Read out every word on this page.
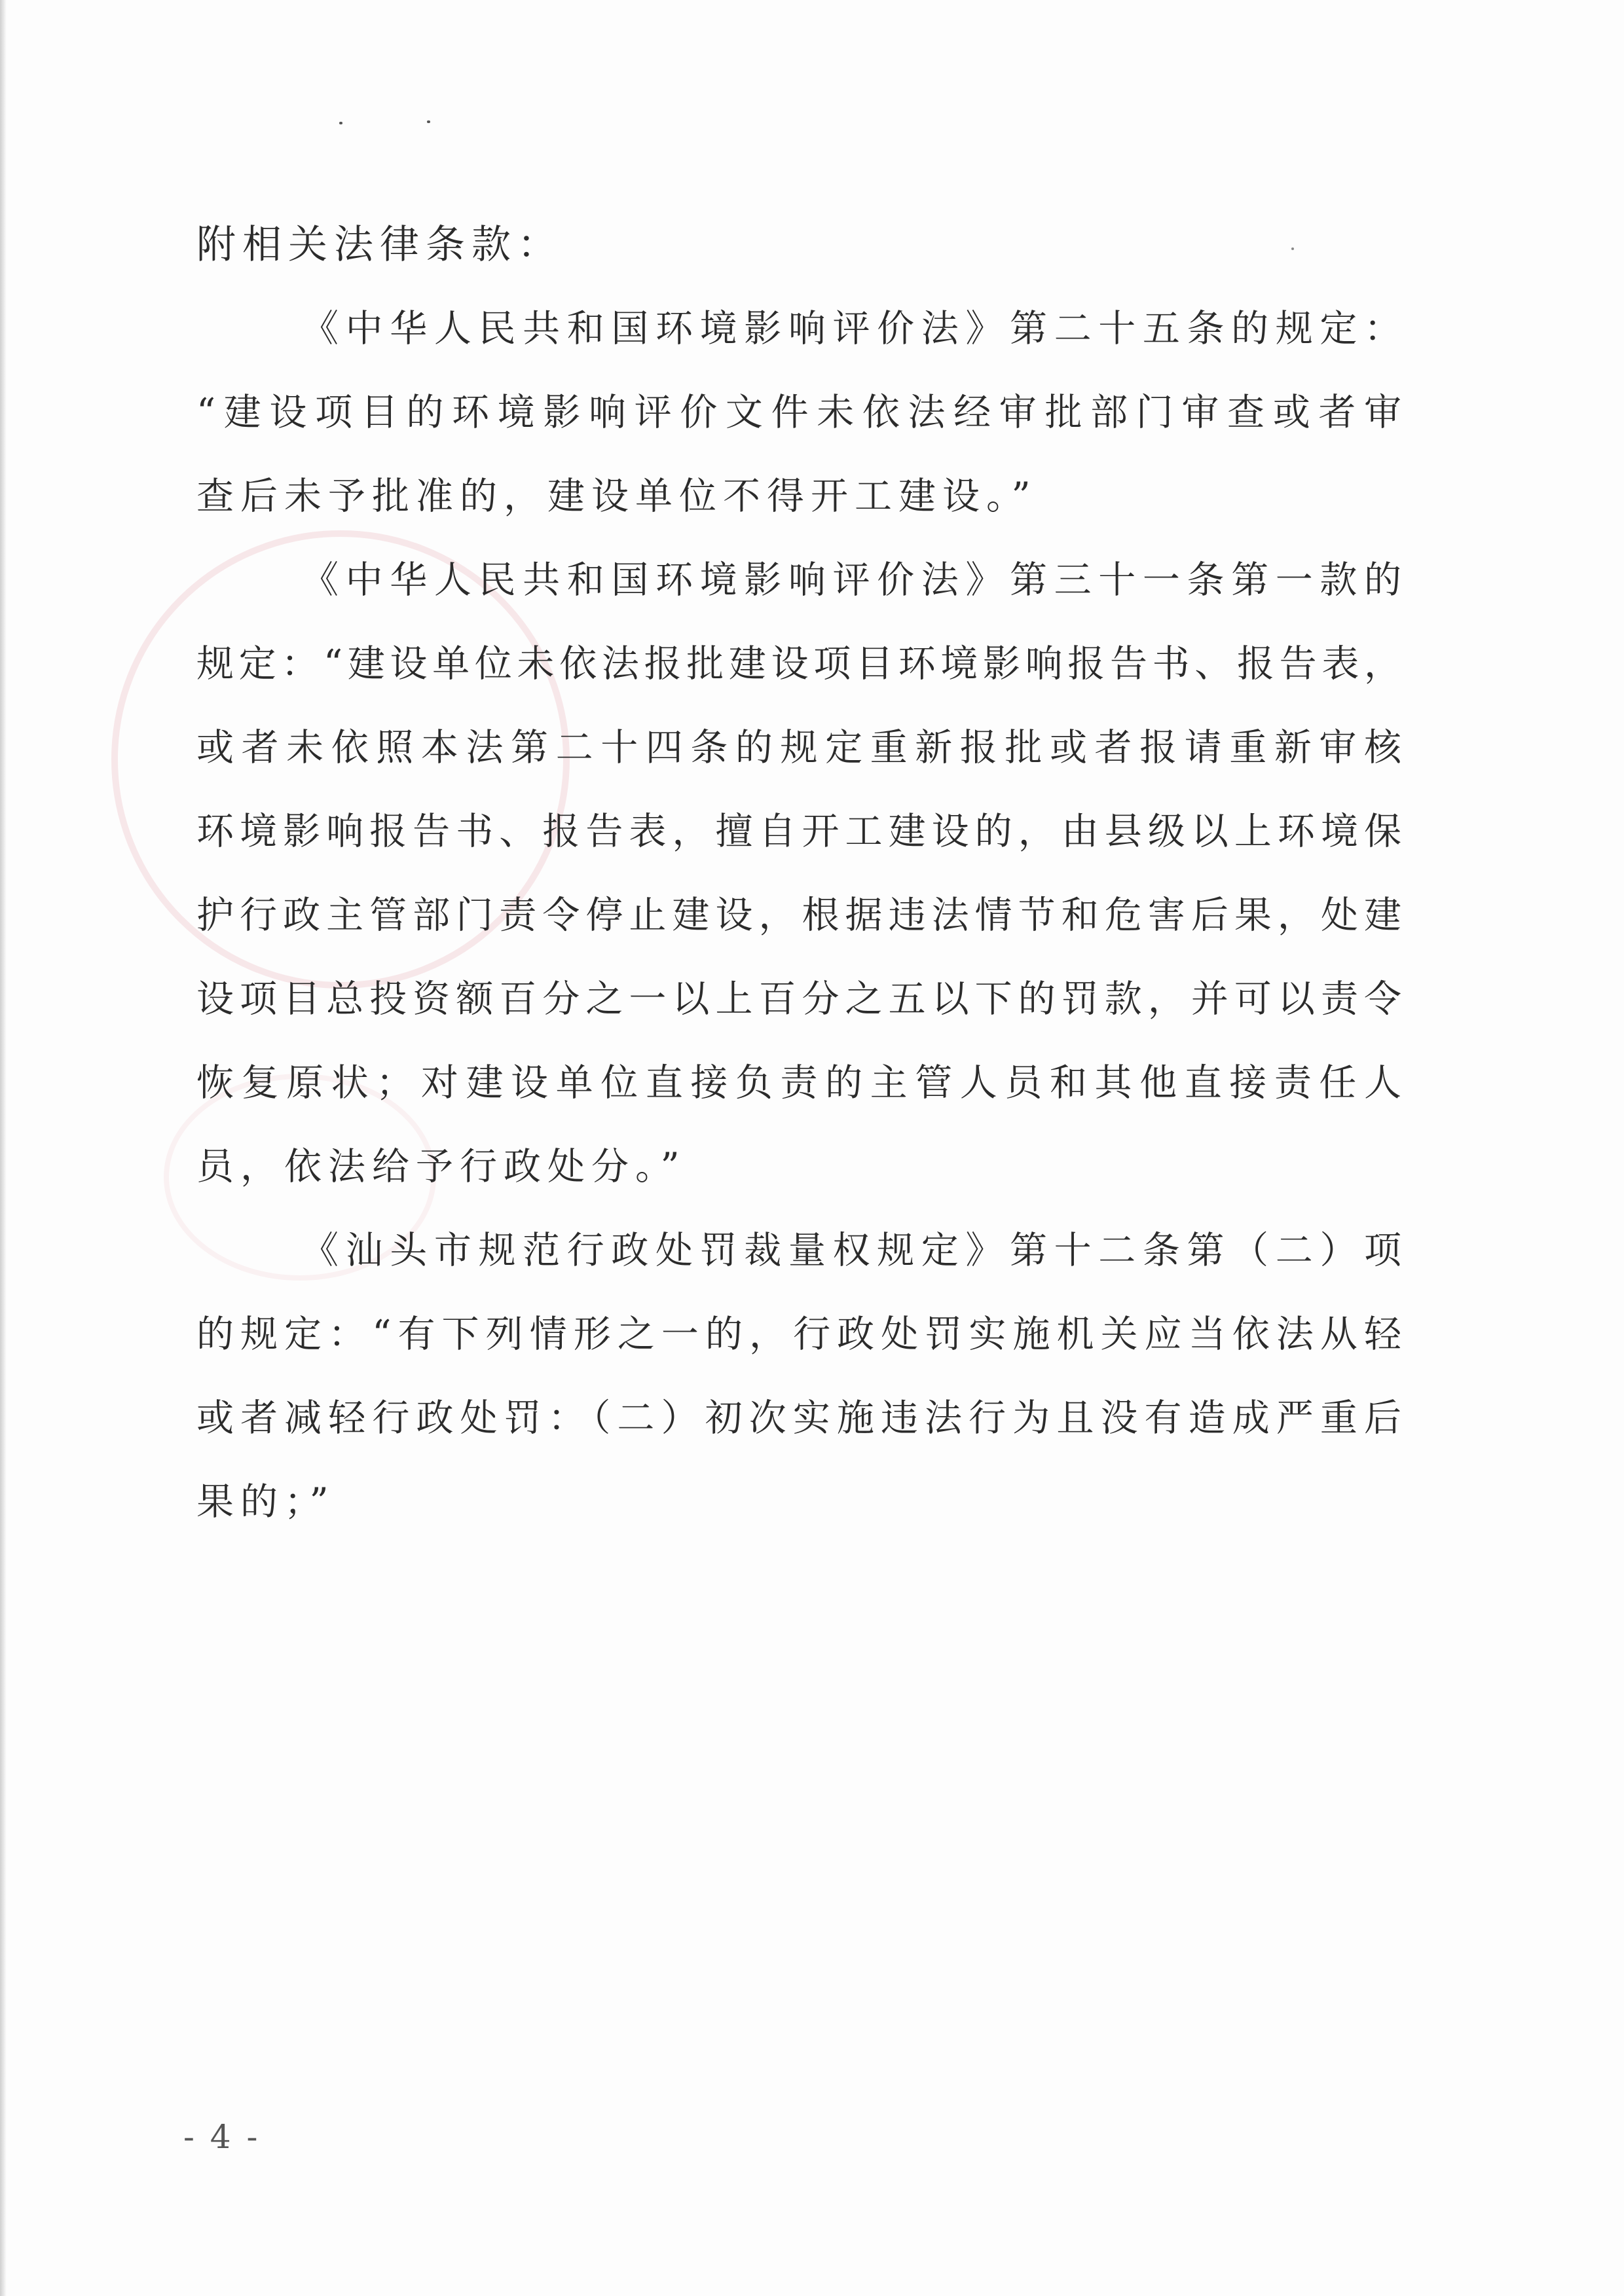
附相关法律条款：
《中华人民共和国环境影响评价法》第二十五条的规定：
“建设项目的环境影响评价文件未依法经审批部门审查或者审
查后未予批准的，建设单位不得开工建设。”
《中华人民共和国环境影响评价法》第三十一条第一款的
规定：“建设单位未依法报批建设项目环境影响报告书、报告表，
或者未依照本法第二十四条的规定重新报批或者报请重新审核
环境影响报告书、报告表，擅自开工建设的，由县级以上环境保
护行政主管部门责令停止建设，根据违法情节和危害后果，处建
设项目总投资额百分之一以上百分之五以下的罚款，并可以责令
恢复原状；对建设单位直接负责的主管人员和其他直接责任人
员，依法给予行政处分。”
《汕头市规范行政处罚裁量权规定》第十二条第（二）项
的规定：“有下列情形之一的，行政处罚实施机关应当依法从轻
或者减轻行政处罚：（二）初次实施违法行为且没有造成严重后
果的；”
- 4 -
